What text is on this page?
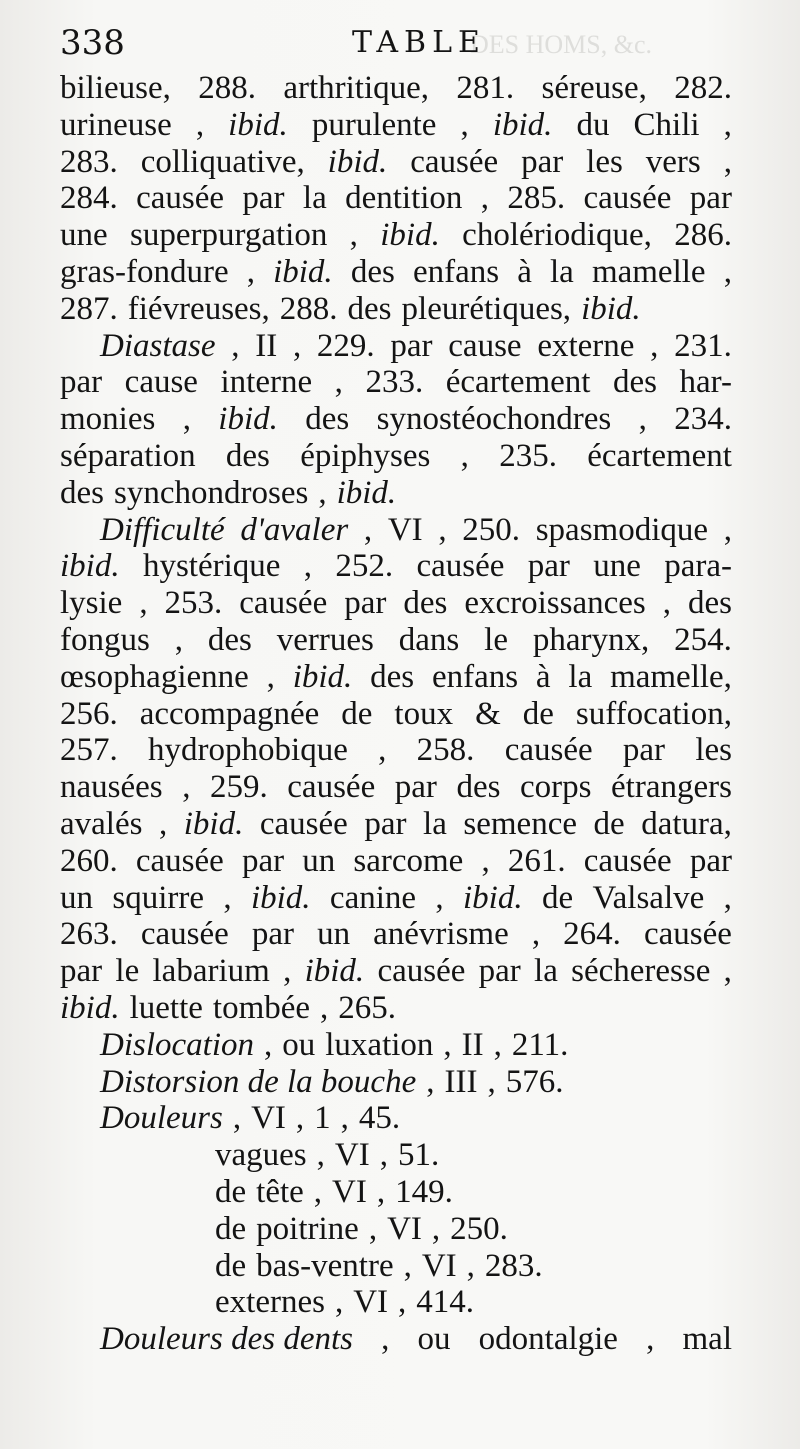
DES HOMS, &c.
338	TABLE
bilieuse, 288. arthritique, 281. séreuse, 282.
urineuse , ibid. purulente , ibid. du Chili ,
283. colliquative, ibid. causée par les vers ,
284. causée par la dentition , 285. causée par
une superpurgation , ibid. cholériodique, 286.
gras-fondure , ibid. des enfans à la mamelle ,
287. fiévreuses, 288. des pleurétiques, ibid.
Diastase , II , 229. par cause externe , 231.
par cause interne , 233. écartement des har-
monies , ibid. des synostéochondres , 234.
séparation des épiphyses , 235. écartement
des synchondroses , ibid.
Difficulté d'avaler , VI , 250. spasmodique ,
ibid. hystérique , 252. causée par une para-
lysie , 253. causée par des excroissances , des
fongus , des verrues dans le pharynx, 254.
œsophagienne , ibid. des enfans à la mamelle,
256. accompagnée de toux & de suffocation,
257. hydrophobique , 258. causée par les
nausées , 259. causée par des corps étrangers
avalés , ibid. causée par la semence de datura,
260. causée par un sarcome , 261. causée par
un squirre , ibid. canine , ibid. de Valsalve ,
263. causée par un anévrisme , 264. causée
par le labarium , ibid. causée par la sécheresse ,
ibid. luette tombée , 265.
Dislocation , ou luxation , II , 211.
Distorsion de la bouche , III , 576.
Douleurs , VI , 1 , 45.
vagues , VI , 51.
de tête , VI , 149.
de poitrine , VI , 250.
de bas-ventre , VI , 283.
externes , VI , 414.
Douleurs des dents , ou odontalgie , mal
